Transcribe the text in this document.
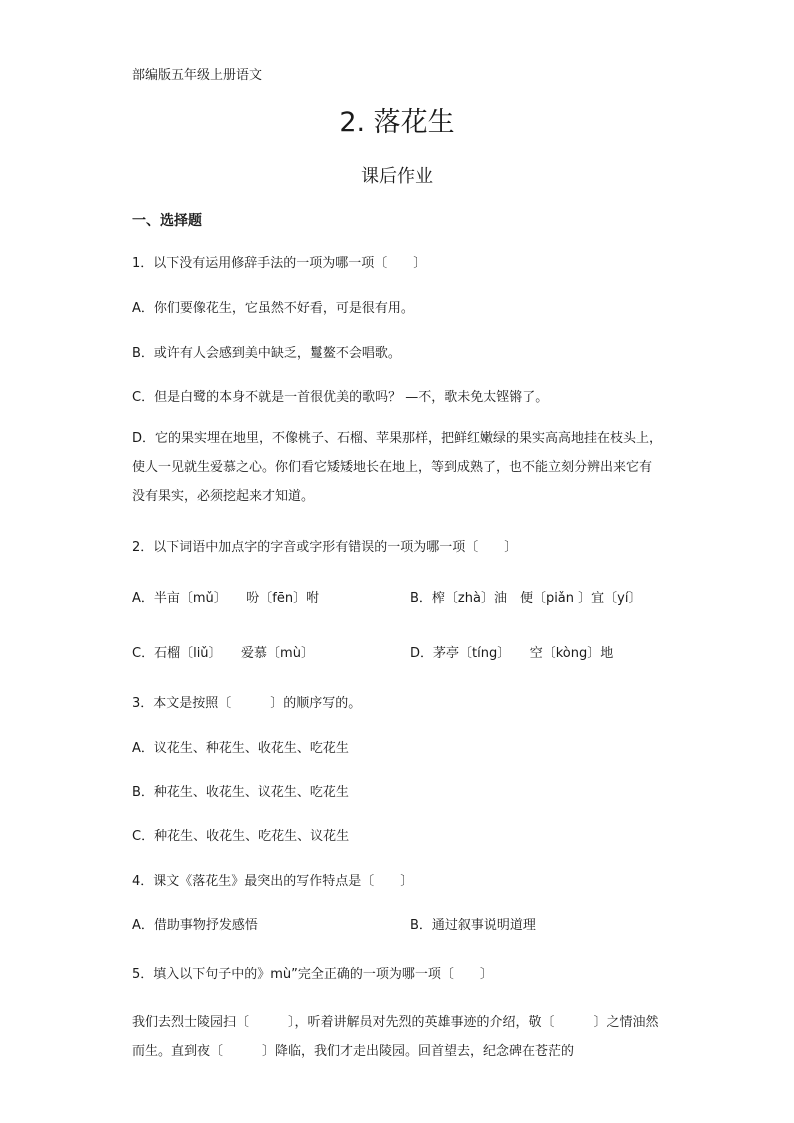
部编版五年级上册语文
2. 落花生
课后作业
一、选择题
1．以下没有运用修辞手法的一项为哪一项〔　　〕
A．你们要像花生，它虽然不好看，可是很有用。
B．或许有人会感到美中缺乏，鬘鳌不会唱歌。
C．但是白鹭的本身不就是一首很优美的歌吗？ —不，歌未免太铿锵了。
D．它的果实埋在地里，不像桃子、石榴、苹果那样，把鲜红嫩绿的果实高高地挂在枝头上，使人一见就生爱慕之心。你们看它矮矮地长在地上，等到成熟了，也不能立刻分辨出来它有没有果实，必须挖起来才知道。
2．以下词语中加点字的字音或字形有错误的一项为哪一项〔　　〕
A．半亩〔mǔ〕　　吩〔fēn〕咐	B．榨〔zhà〕油　便〔piǎn 〕宜〔yí〕
C．石榴〔liǔ〕　　爱慕〔mù〕	D．茅亭〔tíng〕　　空〔kòng〕地
3．本文是按照〔　　　〕的顺序写的。
A．议花生、种花生、收花生、吃花生
B．种花生、收花生、议花生、吃花生
C．种花生、收花生、吃花生、议花生
4．课文《落花生》最突出的写作特点是〔　　〕
A．借助事物抒发感悟	B．通过叙事说明道理
5．填入以下句子中的》mù”完全正确的一项为哪一项〔　　〕
我们去烈士陵园扫〔　　　〕，听着讲解员对先烈的英雄事迹的介绍，敬〔　　　〕之情油然而生。直到夜〔　　　〕降临，我们才走出陵园。回首望去，纪念碑在苍茫的
